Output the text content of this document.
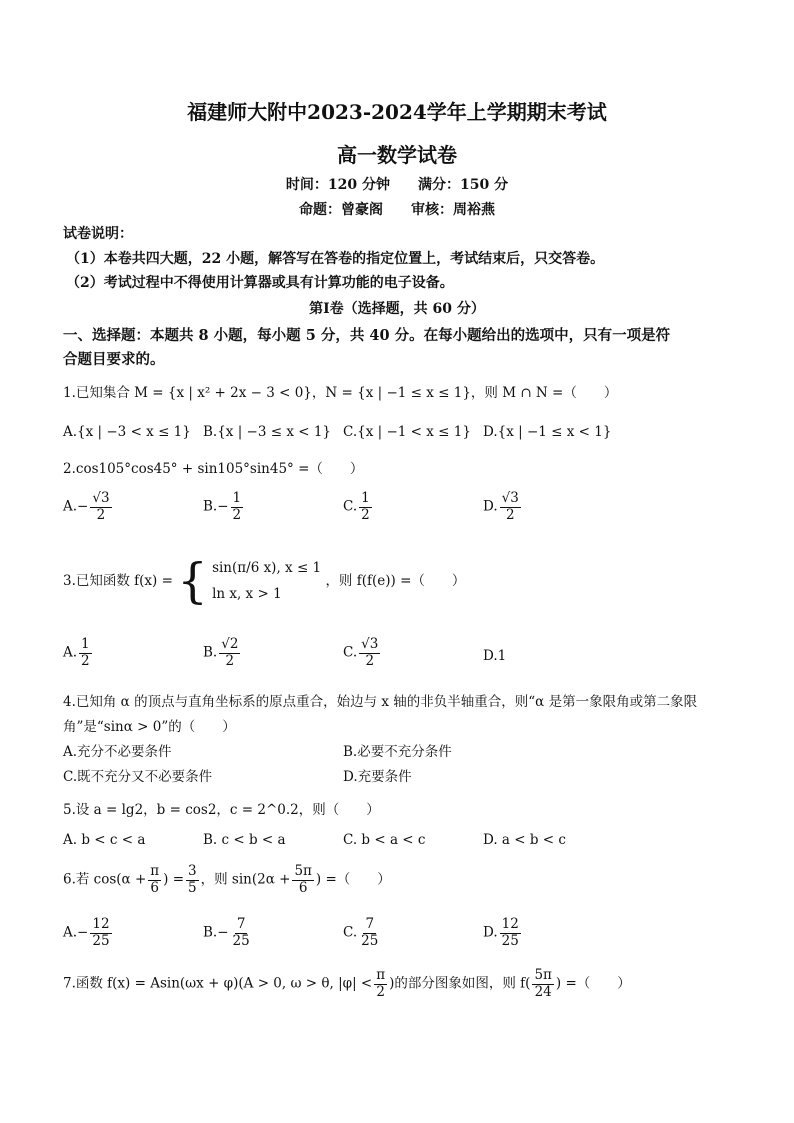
福建师大附中2023-2024学年上学期期末考试
高一数学试卷
时间：120 分钟 满分：150 分
命题：曾豪阁 审核：周裕燕
试卷说明：
（1）本卷共四大题，22 小题，解答写在答卷的指定位置上，考试结束后，只交答卷。
（2）考试过程中不得使用计算器或具有计算功能的电子设备。
第Ⅰ卷（选择题，共 60 分）
一、选择题：本题共 8 小题，每小题 5 分，共 40 分。在每小题给出的选项中，只有一项是符
合题目要求的。
1.已知集合 M = {x | x² + 2x − 3 < 0}，N = {x | −1 ≤ x ≤ 1}，则 M ∩ N =（　　）
A.{x | −3 < x ≤ 1} B.{x | −3 ≤ x < 1} C.{x | −1 < x ≤ 1} D.{x | −1 ≤ x < 1}
2.cos105°cos45° + sin105°sin45° =（　　）
$A.- \frac{√3}{2}$	$B.- \frac{1}{2}$	C. $\frac{1}{2}$	D. $\frac{√3}{2}$
3.已知函数 f(x) = { sin(π/6 x), x ≤ 1
ln x, x > 1
，则 f(f(e)) =（　　）
A. $\frac{1}{2}$	B. $\frac{√2}{2}$	C. $\frac{√3}{2}$	D.1
4.已知角 α 的顶点与直角坐标系的原点重合，始边与 x 轴的非负半轴重合，则“α 是第一象限角或第二象限
角”是“sinα > 0”的（　　）
A.充分不必要条件	B.必要不充分条件
C.既不充分又不必要条件	D.充要条件
5.设 a = lg2，b = cos2，c = 2^0.2，则（　　）
A. b < c < a	B. c < b < a	C. b < a < c	D. a < b < c
6.若 $\cos(\alpha + \frac{\pi}{6}$ ) = $\frac{3}{5}$ ，则 $\sin(2\alpha + \frac{5\pi}{6}$ ) =（　　）
$A.- \frac{12}{25}$	$B.- \frac{7}{25}$	C. $\frac{7}{25}$	D. $\frac{12}{25}$
7.函数 f(x) = Asin(ωx + φ)(A > 0, ω > θ, $|\varphi| < \frac{\pi}{2}$ )的部分图象如图，则 $f( \frac{5\pi}{24}$ ) =（　　）
